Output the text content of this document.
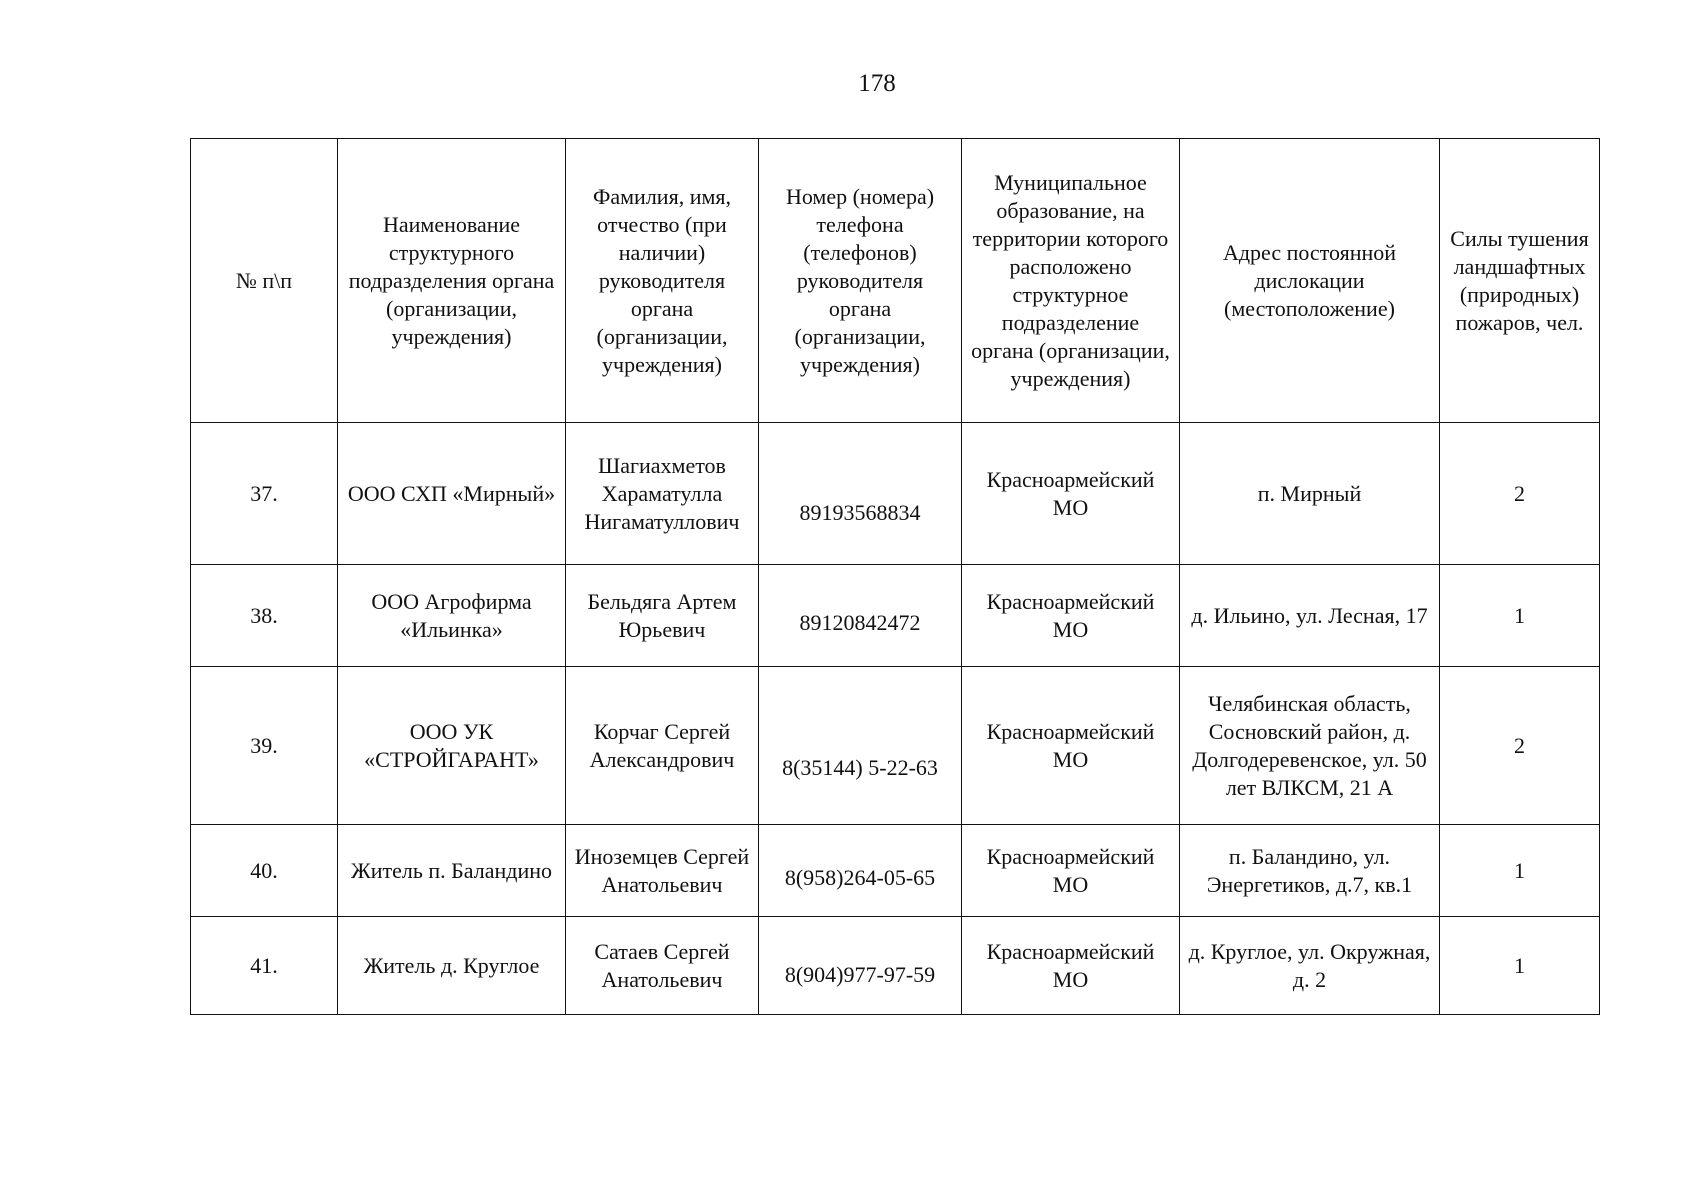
178
№ п\п	Наименование структурного подразделения органа (организации, учреждения)	Фамилия, имя, отчество (при наличии) руководителя органа (организации, учреждения)	Номер (номера) телефона (телефонов) руководителя органа (организации, учреждения)	Муниципальное образование, на территории которого расположено структурное подразделение органа (организации, учреждения)	Адрес постоянной дислокации (местоположение)	Силы тушения ландшафтных (природных) пожаров, чел.
37.	ООО СХП «Мирный»	Шагиахметов Хараматулла Нигаматуллович	89193568834	Красноармейский МО	п. Мирный	2
38.	ООО Агрофирма «Ильинка»	Бельдяга Артем Юрьевич	89120842472	Красноармейский МО	д. Ильино, ул. Лесная, 17	1
39.	ООО УК «СТРОЙГАРАНТ»	Корчаг Сергей Александрович	8(35144) 5-22-63	Красноармейский МО	Челябинская область, Сосновский район, д. Долгодеревенское, ул. 50 лет ВЛКСМ, 21 А	2
40.	Житель п. Баландино	Иноземцев Сергей Анатольевич	8(958)264-05-65	Красноармейский МО	п. Баландино, ул. Энергетиков, д.7, кв.1	1
41.	Житель д. Круглое	Сатаев Сергей Анатольевич	8(904)977-97-59	Красноармейский МО	д. Круглое, ул. Окружная, д. 2	1
